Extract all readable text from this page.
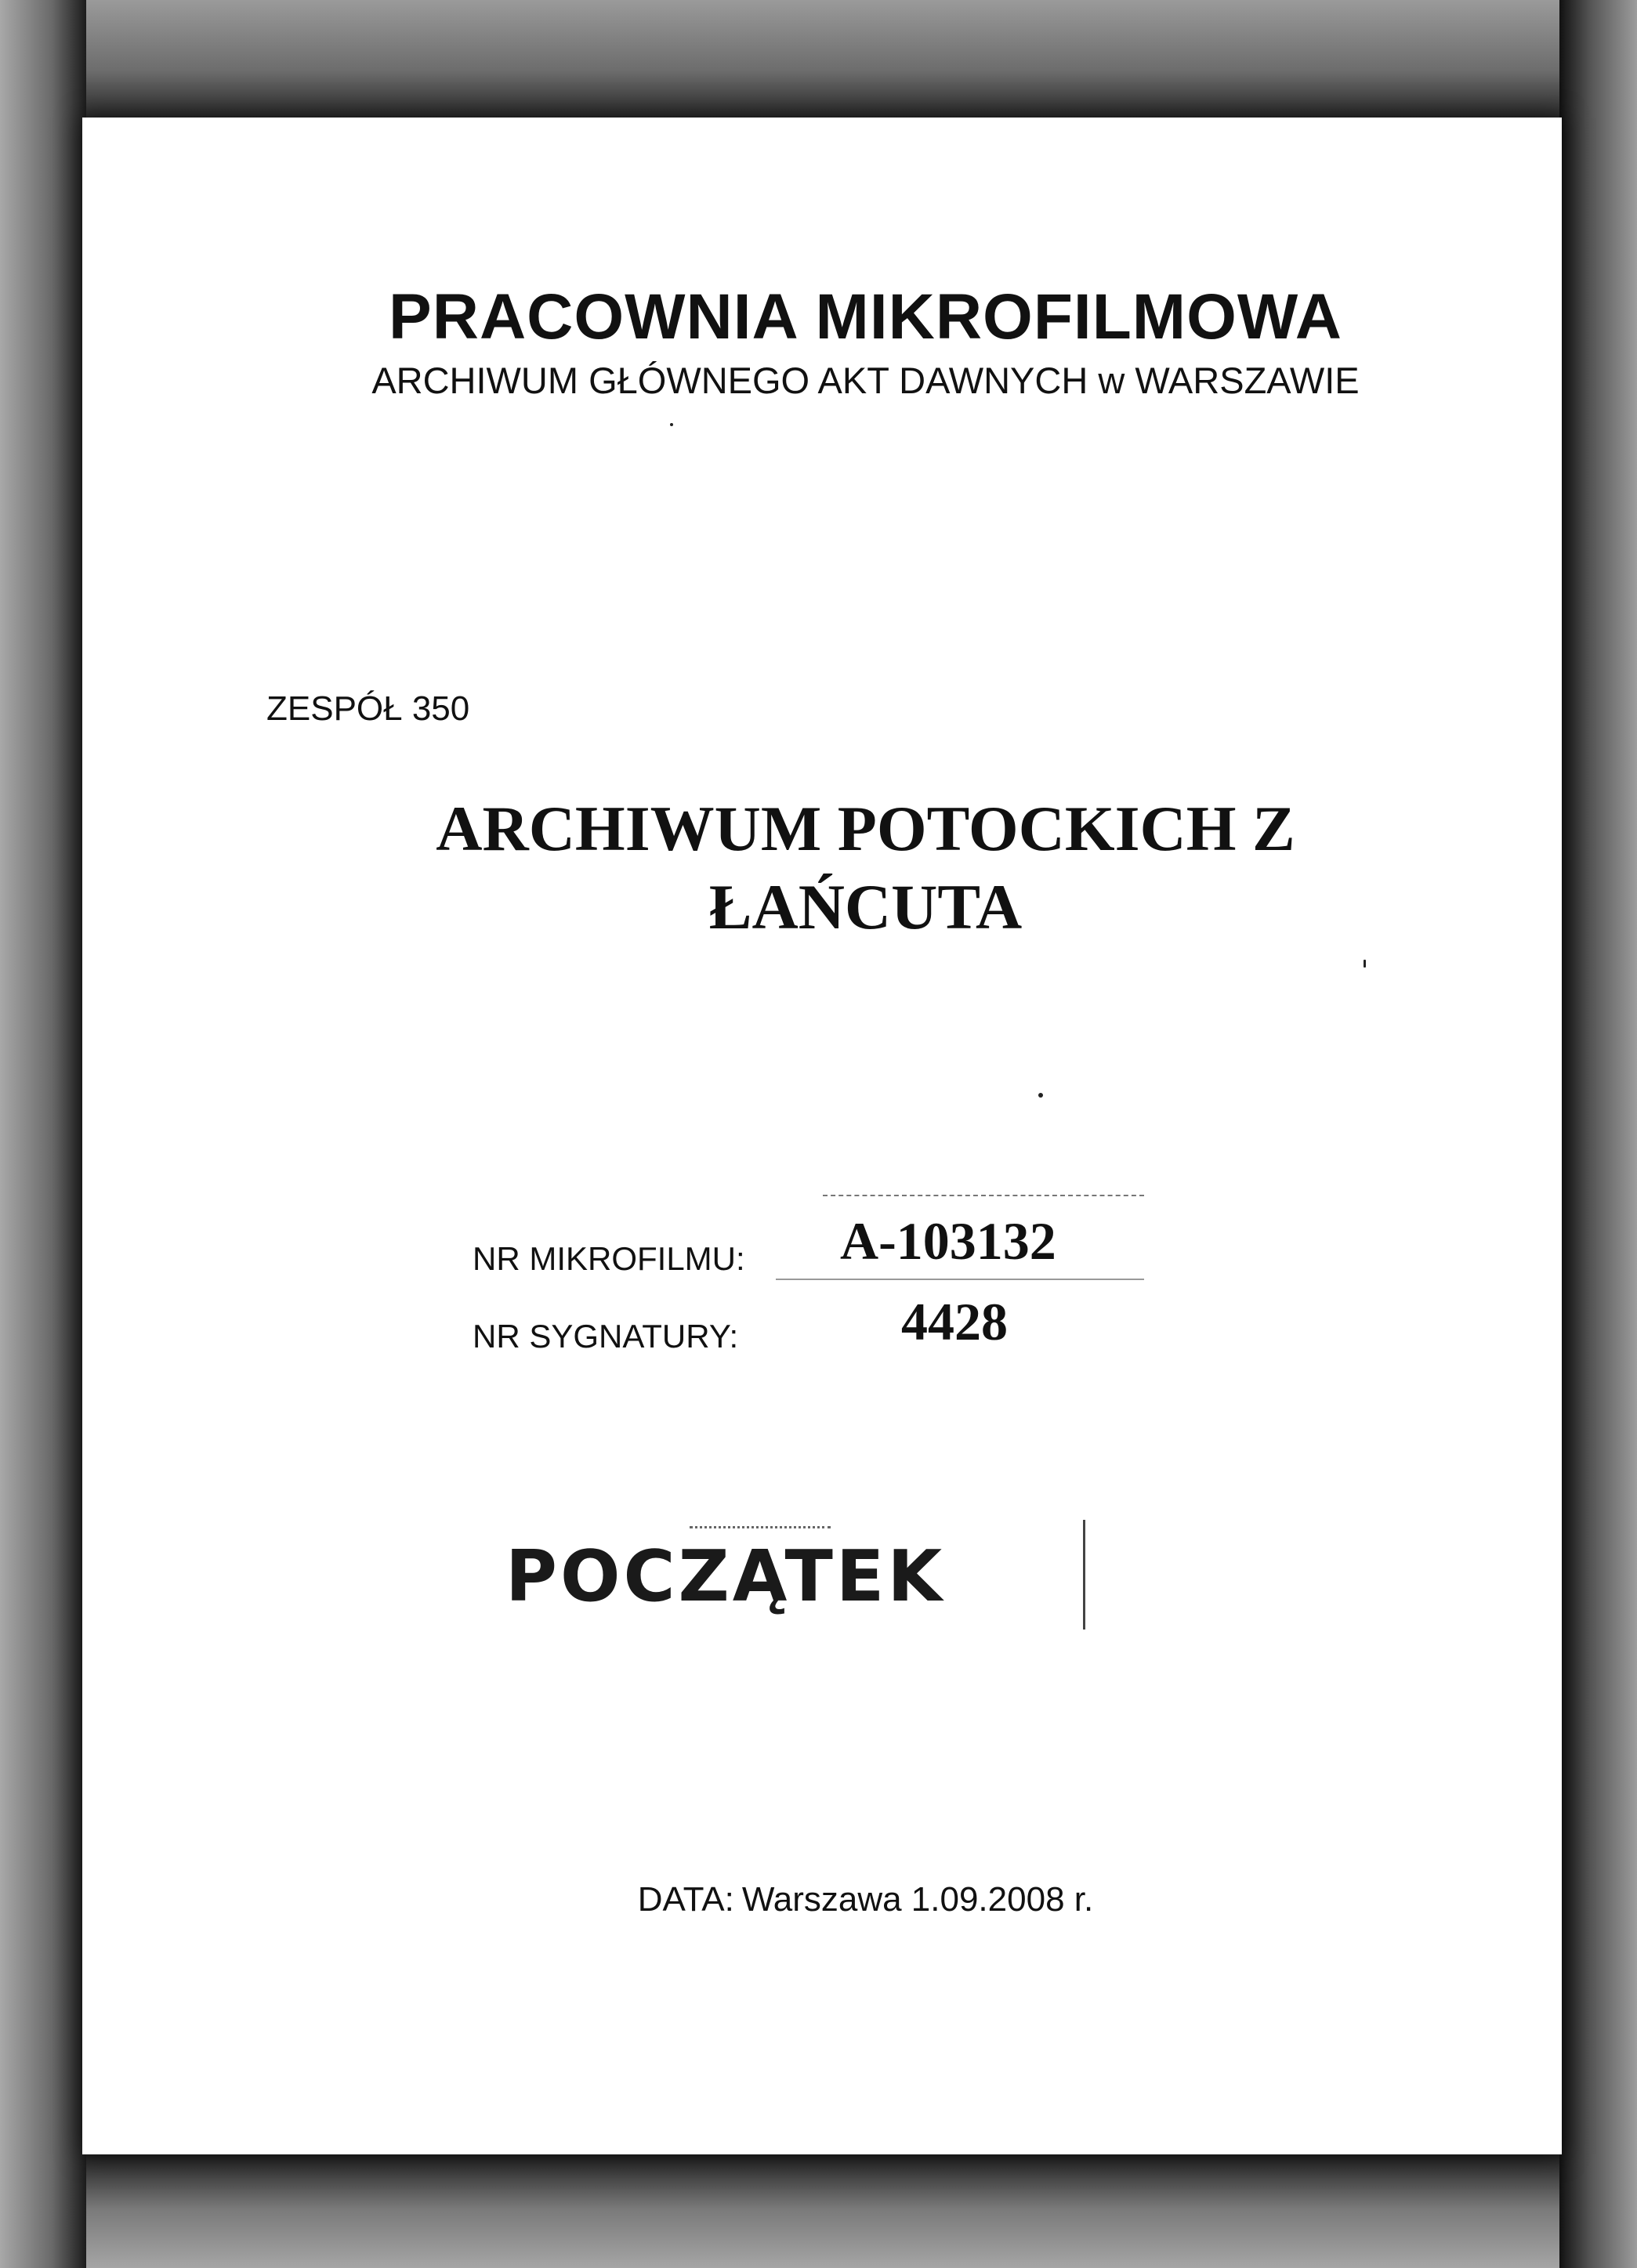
PRACOWNIA MIKROFILMOWA
ARCHIWUM GŁÓWNEGO AKT DAWNYCH w WARSZAWIE
ZESPÓŁ 350
ARCHIWUM POTOCKICH Z
ŁAŃCUTA
NR MIKROFILMU: A-103132
NR SYGNATURY:	4428
POCZĄTEK
DATA: Warszawa 1.09.2008 r.
